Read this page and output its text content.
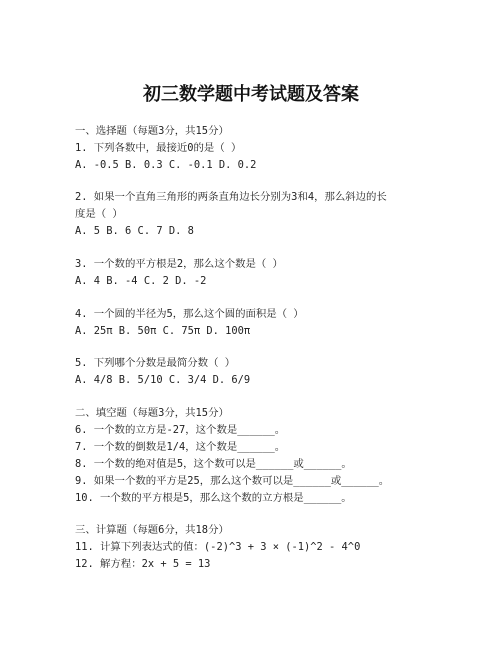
初三数学题中考试题及答案
一、选择题（每题3分，共15分）
1. 下列各数中，最接近0的是（ ）
A. -0.5 B. 0.3 C. -0.1 D. 0.2
2. 如果一个直角三角形的两条直角边长分别为3和4，那么斜边的长
度是（ ）
A. 5 B. 6 C. 7 D. 8
3. 一个数的平方根是2，那么这个数是（ ）
A. 4 B. -4 C. 2 D. -2
4. 一个圆的半径为5，那么这个圆的面积是（ ）
A. 25π B. 50π C. 75π D. 100π
5. 下列哪个分数是最简分数（ ）
A. 4/8 B. 5/10 C. 3/4 D. 6/9
二、填空题（每题3分，共15分）
6. 一个数的立方是-27，这个数是______。
7. 一个数的倒数是1/4，这个数是______。
8. 一个数的绝对值是5，这个数可以是______或______。
9. 如果一个数的平方是25，那么这个数可以是______或______。
10. 一个数的平方根是5，那么这个数的立方根是______。
三、计算题（每题6分，共18分）
11. 计算下列表达式的值：(-2)^3 + 3 × (-1)^2 - 4^0
12. 解方程：2x + 5 = 13
